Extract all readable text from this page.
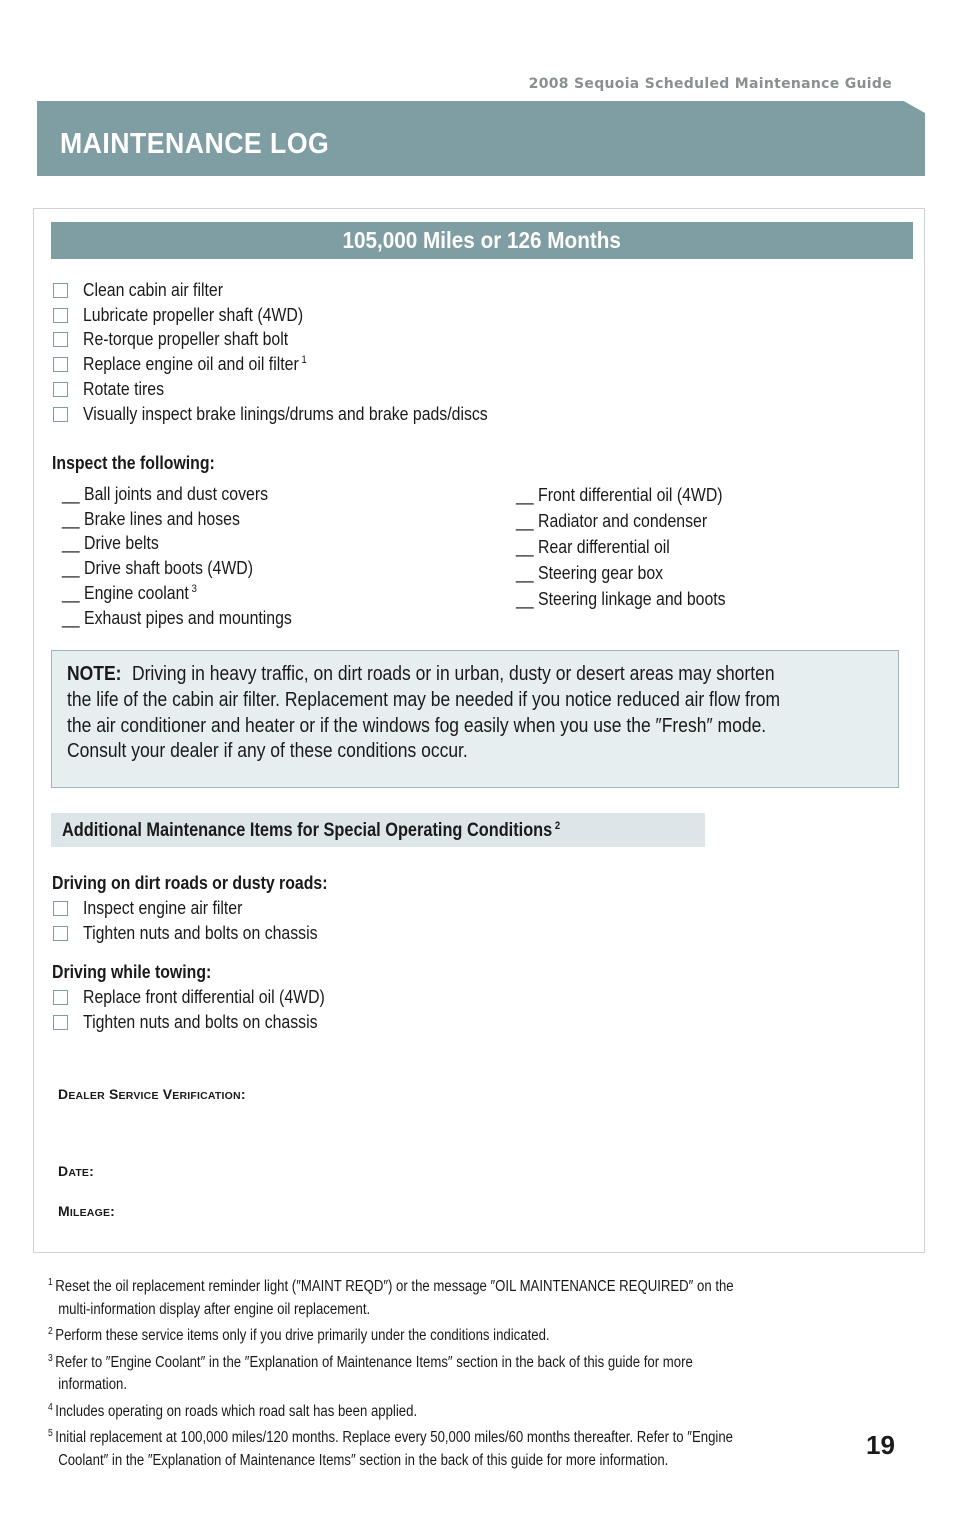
2008 Sequoia Scheduled Maintenance Guide
MAINTENANCE LOG
105,000 Miles or 126 Months
Clean cabin air filter
Lubricate propeller shaft (4WD)
Re-torque propeller shaft bolt
Replace engine oil and oil filter $^1$
Rotate tires
Visually inspect brake linings/drums and brake pads/discs
Inspect the following:
__ Ball joints and dust covers
__ Brake lines and hoses
__ Drive belts
__ Drive shaft boots (4WD)
__ Engine coolant $^3$
__ Exhaust pipes and mountings
__ Front differential oil (4WD)
__ Radiator and condenser
__ Rear differential oil
__ Steering gear box
__ Steering linkage and boots
NOTE: Driving in heavy traffic, on dirt roads or in urban, dusty or desert areas may shorten
the life of the cabin air filter. Replacement may be needed if you notice reduced air flow from
the air conditioner and heater or if the windows fog easily when you use the ″Fresh″ mode.
Consult your dealer if any of these conditions occur.
Additional Maintenance Items for Special Operating Conditions $^2$
Driving on dirt roads or dusty roads:
Inspect engine air filter
Tighten nuts and bolts on chassis
Driving while towing:
Replace front differential oil (4WD)
Tighten nuts and bolts on chassis
DEALER SERVICE VERIFICATION:
DATE:
MILEAGE:
$^1$ Reset the oil replacement reminder light (″MAINT REQD″) or the message ″OIL MAINTENANCE REQUIRED″ on the
multi-information display after engine oil replacement.
$^2$ Perform these service items only if you drive primarily under the conditions indicated.
$^3$ Refer to ″Engine Coolant″ in the ″Explanation of Maintenance Items″ section in the back of this guide for more
information.
$^4$ Includes operating on roads which road salt has been applied.
$^5$ Initial replacement at 100,000 miles/120 months. Replace every 50,000 miles/60 months thereafter. Refer to ″Engine
Coolant″ in the ″Explanation of Maintenance Items″ section in the back of this guide for more information.	19
